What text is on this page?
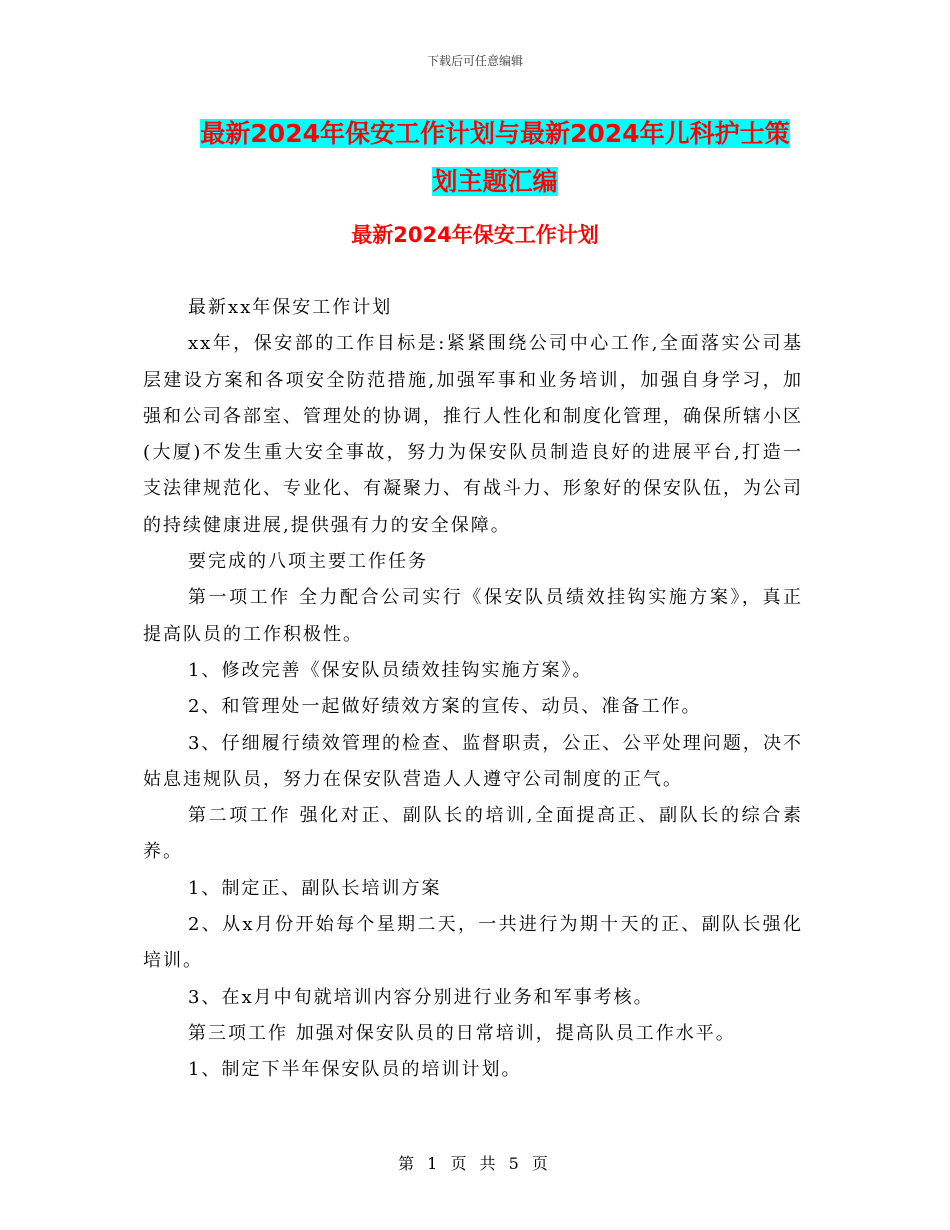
下载后可任意编辑
最新2024年保安工作计划与最新2024年儿科护士策
划主题汇编
最新2024年保安工作计划

最新xx年保安工作计划

xx年，保安部的工作目标是:紧紧围绕公司中心工作,全面落实公司基层建设方案和各项安全防范措施,加强军事和业务培训，加强自身学习，加强和公司各部室、管理处的协调，推行人性化和制度化管理，确保所辖小区(大厦)不发生重大安全事故，努力为保安队员制造良好的进展平台,打造一支法律规范化、专业化、有凝聚力、有战斗力、形象好的保安队伍，为公司的持续健康进展,提供强有力的安全保障。

要完成的八项主要工作任务

第一项工作 全力配合公司实行《保安队员绩效挂钩实施方案》，真正提高队员的工作积极性。

1、修改完善《保安队员绩效挂钩实施方案》。

2、和管理处一起做好绩效方案的宣传、动员、准备工作。

3、仔细履行绩效管理的检查、监督职责，公正、公平处理问题，决不姑息违规队员，努力在保安队营造人人遵守公司制度的正气。

第二项工作 强化对正、副队长的培训,全面提高正、副队长的综合素养。

1、制定正、副队长培训方案

2、从x月份开始每个星期二天，一共进行为期十天的正、副队长强化培训。

3、在x月中旬就培训内容分别进行业务和军事考核。

第三项工作 加强对保安队员的日常培训，提高队员工作水平。

1、制定下半年保安队员的培训计划。

第 1 页 共 5 页
